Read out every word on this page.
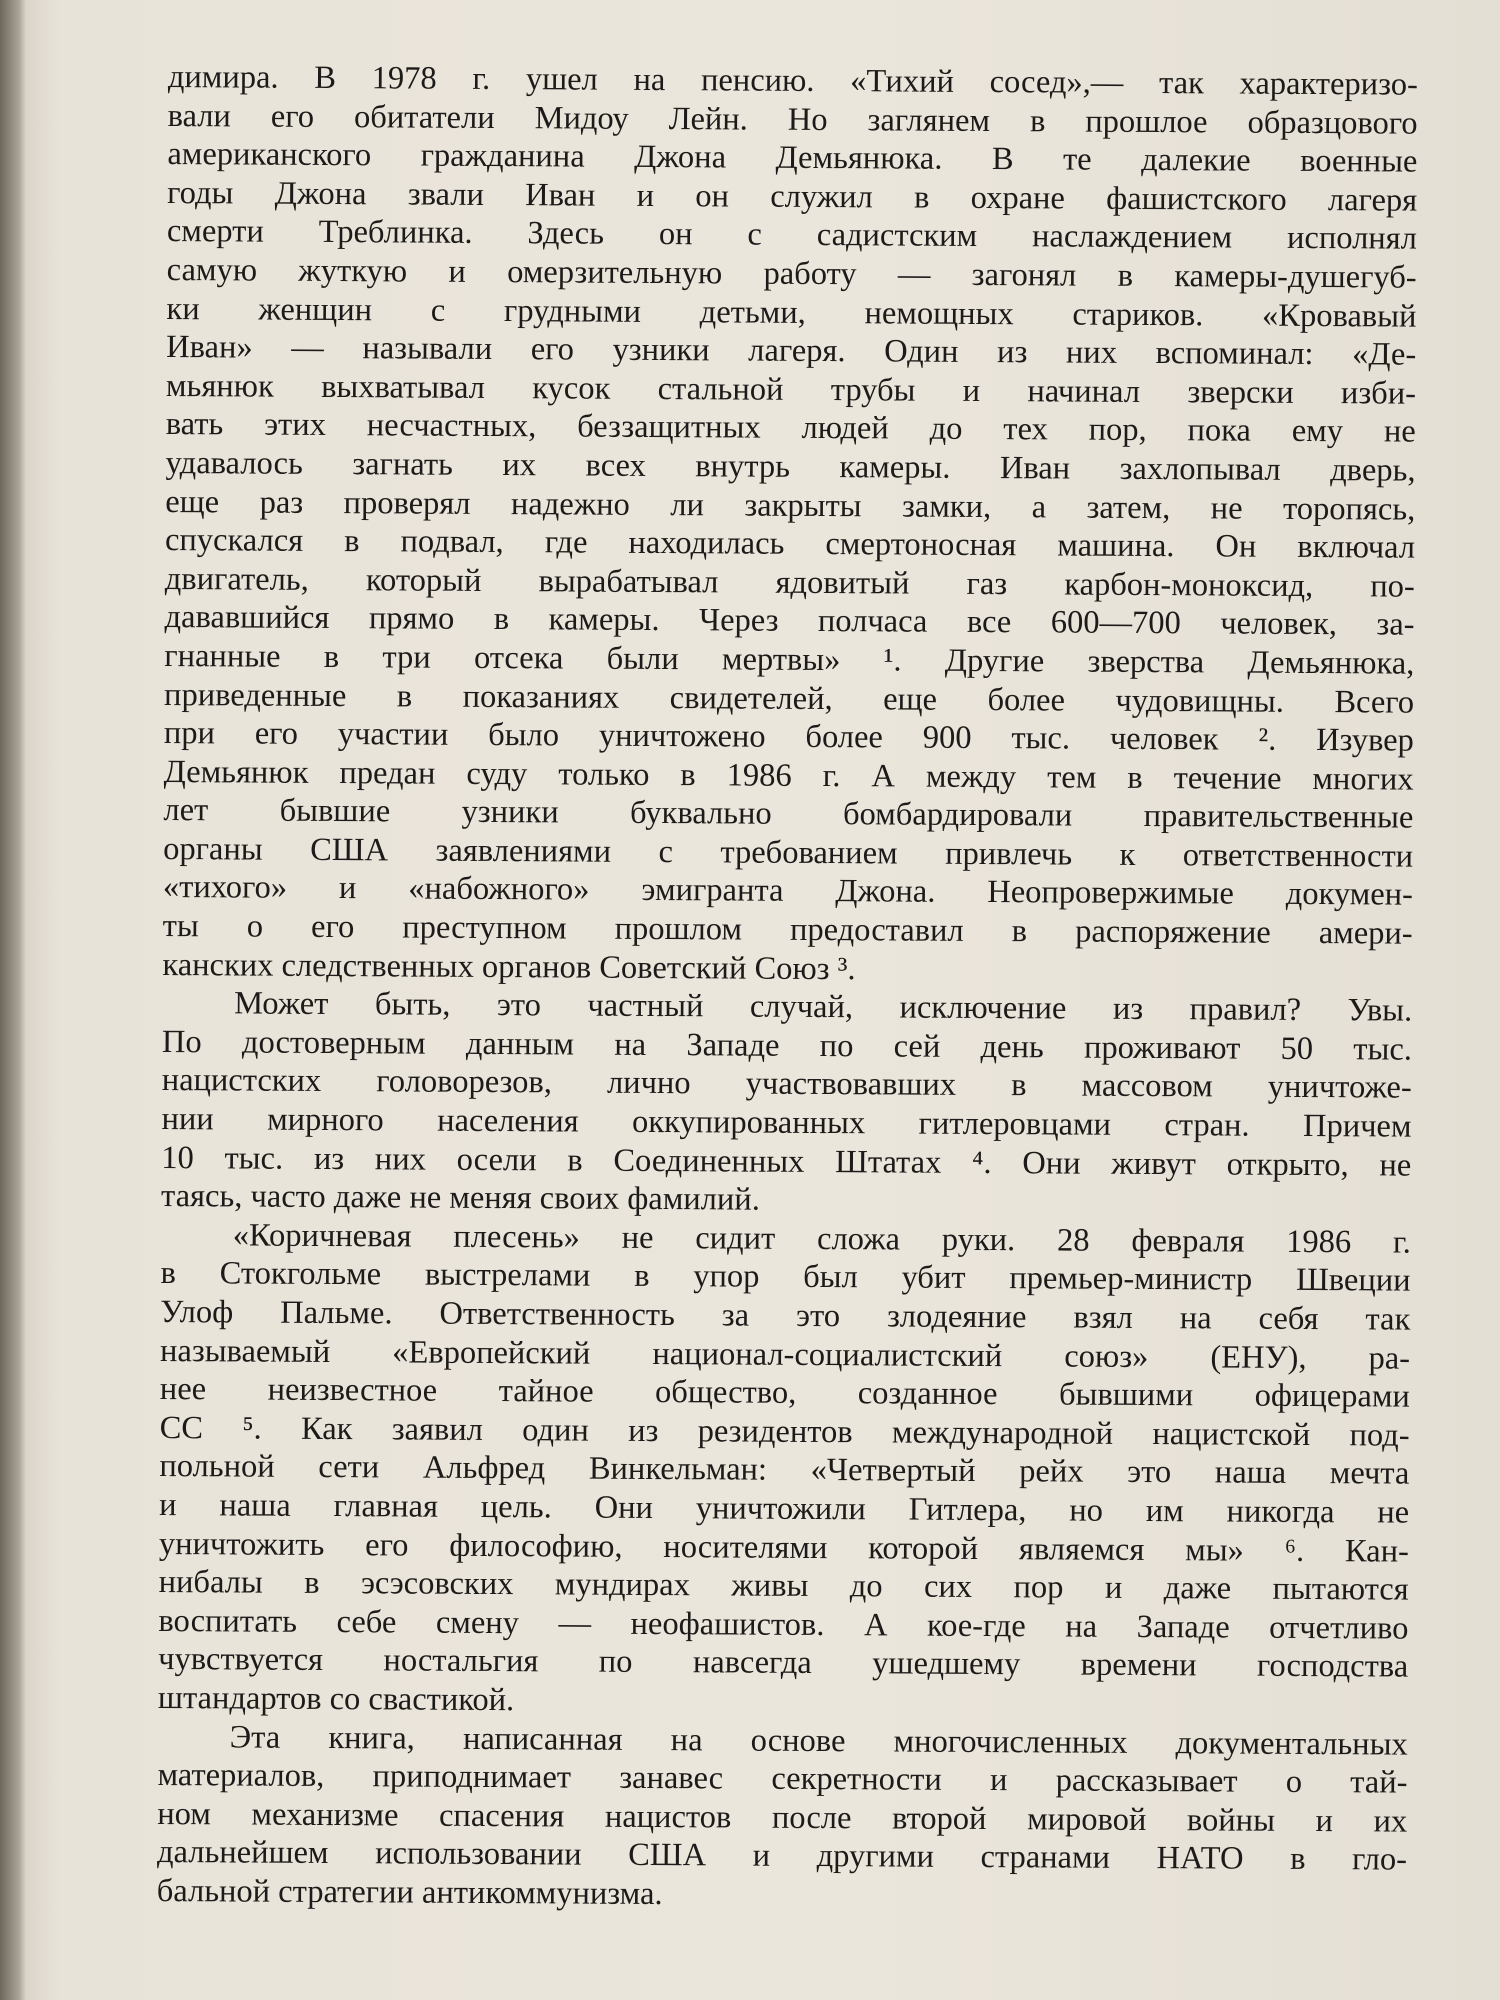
димира. В 1978 г. ушел на пенсию. «Тихий сосед»,— так характеризо-
вали его обитатели Мидоу Лейн. Но заглянем в прошлое образцового
американского гражданина Джона Демьянюка. В те далекие военные
годы Джона звали Иван и он служил в охране фашистского лагеря
смерти Треблинка. Здесь он с садистским наслаждением исполнял
самую жуткую и омерзительную работу — загонял в камеры-душегуб-
ки женщин с грудными детьми, немощных стариков. «Кровавый
Иван» — называли его узники лагеря. Один из них вспоминал: «Де-
мьянюк выхватывал кусок стальной трубы и начинал зверски изби-
вать этих несчастных, беззащитных людей до тех пор, пока ему не
удавалось загнать их всех внутрь камеры. Иван захлопывал дверь,
еще раз проверял надежно ли закрыты замки, а затем, не торопясь,
спускался в подвал, где находилась смертоносная машина. Он включал
двигатель, который вырабатывал ядовитый газ карбон-моноксид, по-
дававшийся прямо в камеры. Через полчаса все 600—700 человек, за-
гнанные в три отсека были мертвы» ¹. Другие зверства Демьянюка,
приведенные в показаниях свидетелей, еще более чудовищны. Всего
при его участии было уничтожено более 900 тыс. человек ². Изувер
Демьянюк предан суду только в 1986 г. А между тем в течение многих
лет бывшие узники буквально бомбардировали правительственные
органы США заявлениями с требованием привлечь к ответственности
«тихого» и «набожного» эмигранта Джона. Неопровержимые докумен-
ты о его преступном прошлом предоставил в распоряжение амери-
канских следственных органов Советский Союз ³.
Может быть, это частный случай, исключение из правил? Увы.
По достоверным данным на Западе по сей день проживают 50 тыс.
нацистских головорезов, лично участвовавших в массовом уничтоже-
нии мирного населения оккупированных гитлеровцами стран. Причем
10 тыс. из них осели в Соединенных Штатах ⁴. Они живут открыто, не
таясь, часто даже не меняя своих фамилий.
«Коричневая плесень» не сидит сложа руки. 28 февраля 1986 г.
в Стокгольме выстрелами в упор был убит премьер-министр Швеции
Улоф Пальме. Ответственность за это злодеяние взял на себя так
называемый «Европейский национал-социалистский союз» (ЕНУ), ра-
нее неизвестное тайное общество, созданное бывшими офицерами
СС ⁵. Как заявил один из резидентов международной нацистской под-
польной сети Альфред Винкельман: «Четвертый рейх это наша мечта
и наша главная цель. Они уничтожили Гитлера, но им никогда не
уничтожить его философию, носителями которой являемся мы» ⁶. Кан-
нибалы в эсэсовских мундирах живы до сих пор и даже пытаются
воспитать себе смену — неофашистов. А кое-где на Западе отчетливо
чувствуется ностальгия по навсегда ушедшему времени господства
штандартов со свастикой.
Эта книга, написанная на основе многочисленных документальных
материалов, приподнимает занавес секретности и рассказывает о тай-
ном механизме спасения нацистов после второй мировой войны и их
дальнейшем использовании США и другими странами НАТО в гло-
бальной стратегии антикоммунизма.
